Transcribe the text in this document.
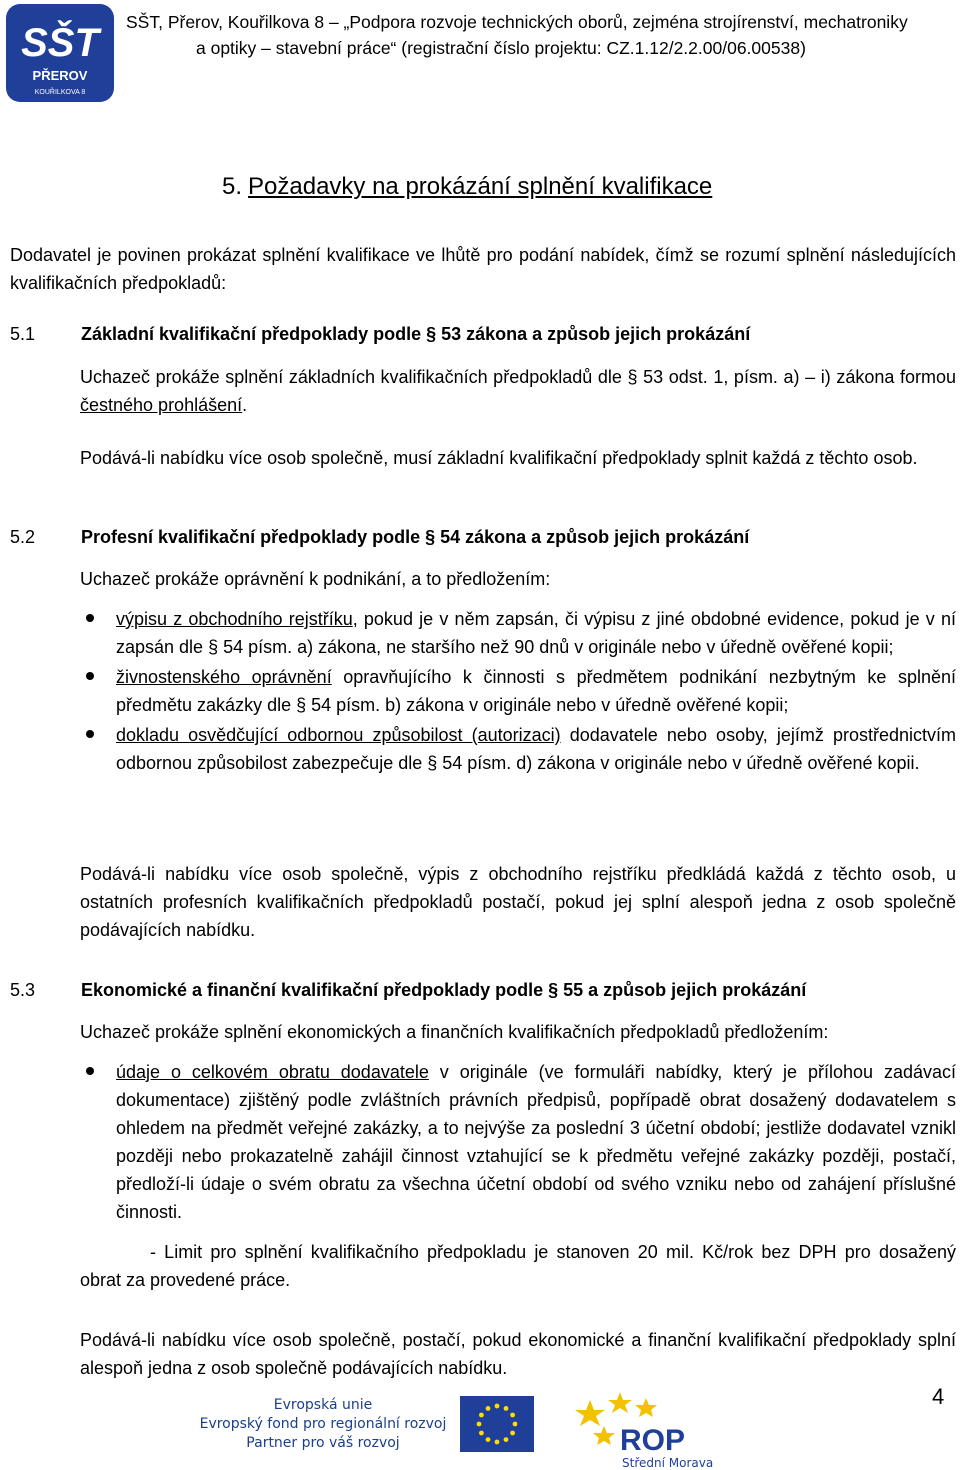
SŠT
PŘEROV
KOUŘILKOVA 8
SŠT, Přerov, Kouřilkova 8 – „Podpora rozvoje technických oborů, zejména strojírenství, mechatroniky
a optiky – stavební práce“ (registrační číslo projektu: CZ.1.12/2.2.00/06.00538)
5. Požadavky na prokázání splnění kvalifikace

Dodavatel je povinen prokázat splnění kvalifikace ve lhůtě pro podání nabídek, čímž se rozumí splnění následujících kvalifikačních předpokladů:

5.1	Základní kvalifikační předpoklady podle § 53 zákona a způsob jejich prokázání

Uchazeč prokáže splnění základních kvalifikačních předpokladů dle § 53 odst. 1, písm. a) – i) zákona formou čestného prohlášení.

Podává-li nabídku více osob společně, musí základní kvalifikační předpoklady splnit každá z těchto osob.

5.2	Profesní kvalifikační předpoklady podle § 54 zákona a způsob jejich prokázání

Uchazeč prokáže oprávnění k podnikání, a to předložením:

výpisu z obchodního rejstříku, pokud je v něm zapsán, či výpisu z jiné obdobné evidence, pokud je v ní zapsán dle § 54 písm. a) zákona, ne staršího než 90 dnů v originále nebo v úředně ověřené kopii;
živnostenského oprávnění opravňujícího k činnosti s předmětem podnikání nezbytným ke splnění předmětu zakázky dle § 54 písm. b) zákona v originále nebo v úředně ověřené kopii;
dokladu osvědčující odbornou způsobilost (autorizaci) dodavatele nebo osoby, jejímž prostřednictvím odbornou způsobilost zabezpečuje dle § 54 písm. d) zákona v originále nebo v úředně ověřené kopii.

Podává-li nabídku více osob společně, výpis z obchodního rejstříku předkládá každá z těchto osob, u ostatních profesních kvalifikačních předpokladů postačí, pokud jej splní alespoň jedna z osob společně podávajících nabídku.

5.3	Ekonomické a finanční kvalifikační předpoklady podle § 55 a způsob jejich prokázání

Uchazeč prokáže splnění ekonomických a finančních kvalifikačních předpokladů předložením:

údaje o celkovém obratu dodavatele v originále (ve formuláři nabídky, který je přílohou zadávací dokumentace) zjištěný podle zvláštních právních předpisů, popřípadě obrat dosažený dodavatelem s ohledem na předmět veřejné zakázky, a to nejvýše za poslední 3 účetní období; jestliže dodavatel vznikl později nebo prokazatelně zahájil činnost vztahující se k předmětu veřejné zakázky později, postačí, předloží-li údaje o svém obratu za všechna účetní období od svého vzniku nebo od zahájení příslušné činnosti.

- Limit pro splnění kvalifikačního předpokladu je stanoven 20 mil. Kč/rok bez DPH pro dosažený obrat za provedené práce.

Podává-li nabídku více osob společně, postačí, pokud ekonomické a finanční kvalifikační předpoklady splní alespoň jedna z osob společně podávajících nabídku.

4
Evropská unie
Evropský fond pro regionální rozvoj
Partner pro váš rozvoj	ROP
Střední Morava
